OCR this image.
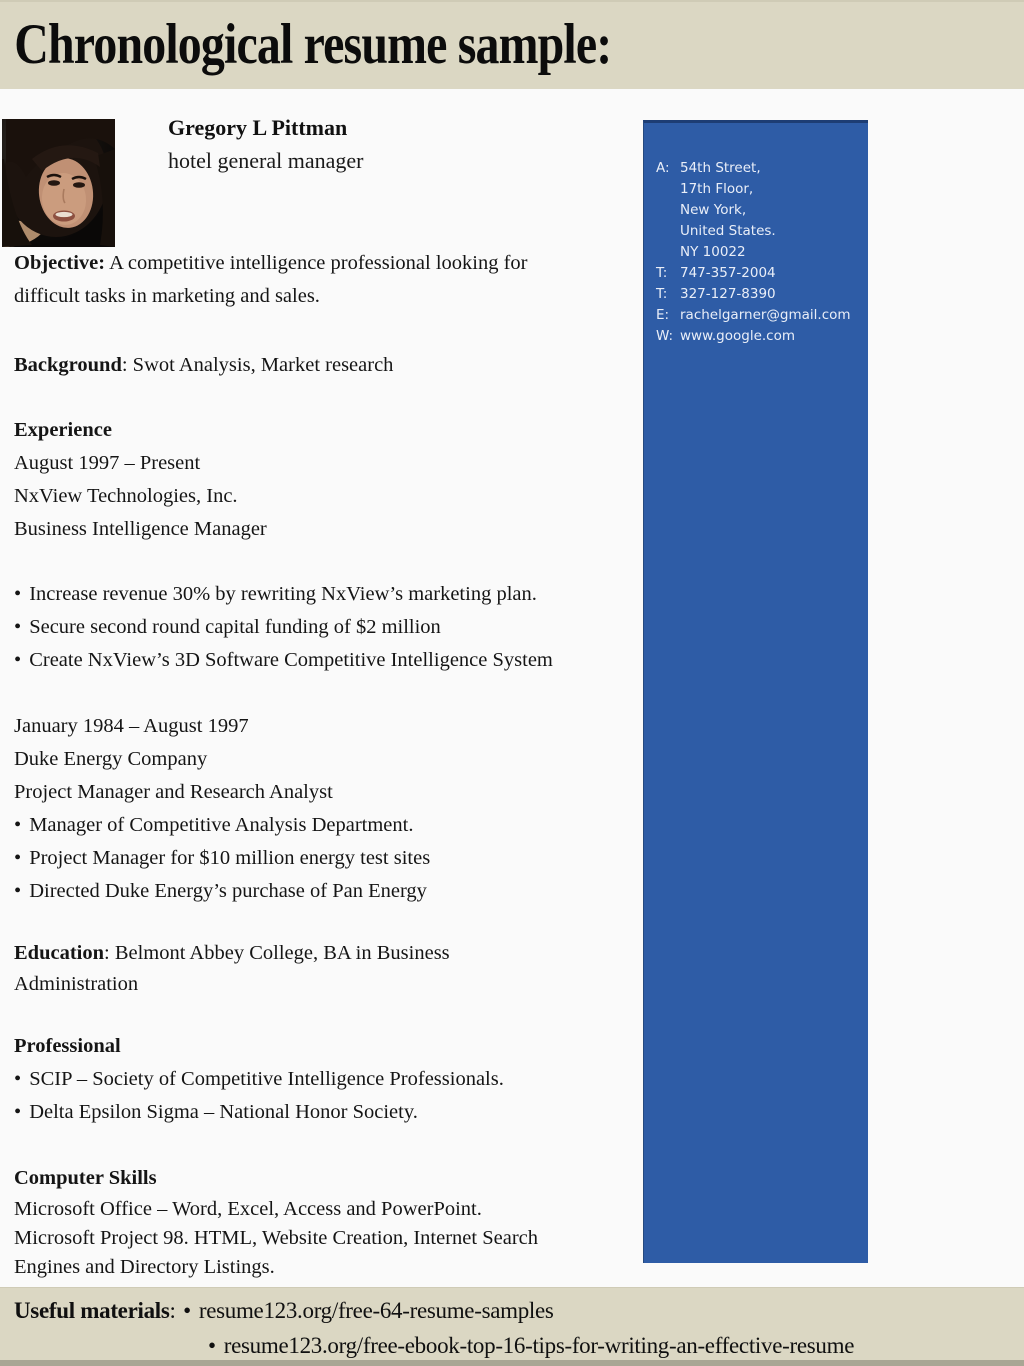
Chronological resume sample:
Gregory L Pittman
hotel general manager	A: 54th Street,
17th Floor,
New York,
United States.
NY 10022
T: 747-357-2004
T: 327-127-8390
E: rachelgarner@gmail.com
W: www.google.com

Objective: A competitive intelligence professional looking for

difficult tasks in marketing and sales.

Background: Swot Analysis, Market research

Experience

August 1997 – Present

NxView Technologies, Inc.

Business Intelligence Manager

• Increase revenue 30% by rewriting NxView’s marketing plan.

• Secure second round capital funding of $2 million

• Create NxView’s 3D Software Competitive Intelligence System

January 1984 – August 1997

Duke Energy Company

Project Manager and Research Analyst

• Manager of Competitive Analysis Department.

• Project Manager for $10 million energy test sites

• Directed Duke Energy’s purchase of Pan Energy

Education: Belmont Abbey College, BA in Business

Administration

Professional

• SCIP – Society of Competitive Intelligence Professionals.

• Delta Epsilon Sigma – National Honor Society.

Computer Skills

Microsoft Office – Word, Excel, Access and PowerPoint.

Microsoft Project 98. HTML, Website Creation, Internet Search

Engines and Directory Listings.

Useful materials: • resume123.org/free-64-resume-samples
• resume123.org/free-ebook-top-16-tips-for-writing-an-effective-resume
